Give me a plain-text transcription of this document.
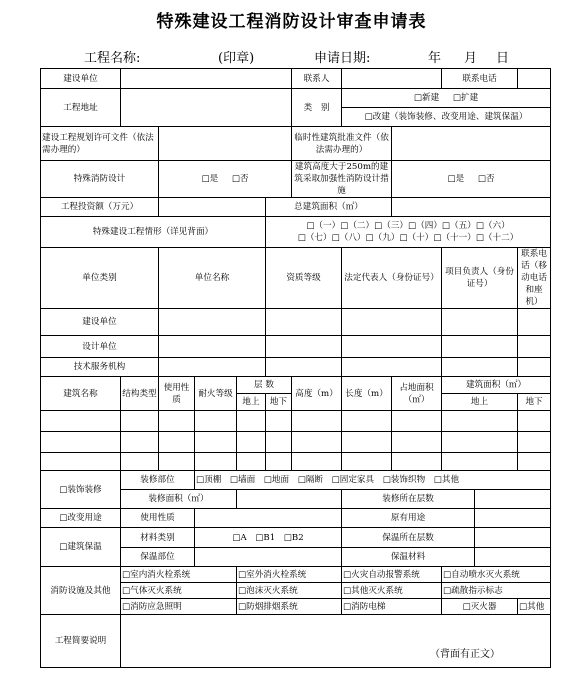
特殊建设工程消防设计审查申请表
工程名称:	(印章)	申请日期:	年 月 日
建设单位						联系人			联系电话		
工程地址						类　别	□新建 □扩建				
							□改建（装饰装修、改变用途、建筑保温）				
建设工程规划许可文件（依法需办理的）						临时性建筑批准文件（依法需办理的）					
特殊消防设计		□是 □否				建筑高度大于250m的建筑采取加强性消防设计措施		□是 □否			
工程投资额（万元）					总建筑面积（㎡）						
特殊建设工程情形（详见背面）					□（一）□（二）□（三）□（四）□（五）□（六）
□（七）□（八）□（九）□（十）□（十一）□（十二）						

单位类别		单位名称			资质等级		法定代表人（身份证号）		项目负责人（身份证号）		联系电话（移动电话和座机）
建设单位											
设计单位											
技术服务机构											
建筑名称	结构类型	使用性质	耐火等级	层 数		高度（m）	长度（m）	占地面积（㎡）	建筑面积（㎡）		
				地上	地下				地上		地下

□装饰装修	装修部位		□顶棚　□墙面　□地面　□隔断　□固定家具　□装饰织物　□其他								
	装修面积（㎡）						装修所在层数				
□改变用途	使用性质						原有用途				
□建筑保温	材料类别		□A　□B1　□B2				保温所在层数				
	保温部位						保温材料				
消防设施及其他	□室内消火栓系统			□室外消火栓系统			□火灾自动报警系统		□自动喷水灭火系统		
	□气体灭火系统			□泡沫灭火系统			□其他灭火系统		□疏散指示标志		
	□消防应急照明			□防烟排烟系统			□消防电梯		□灭火器		□其他
工程简要说明											
（背面有正文）
